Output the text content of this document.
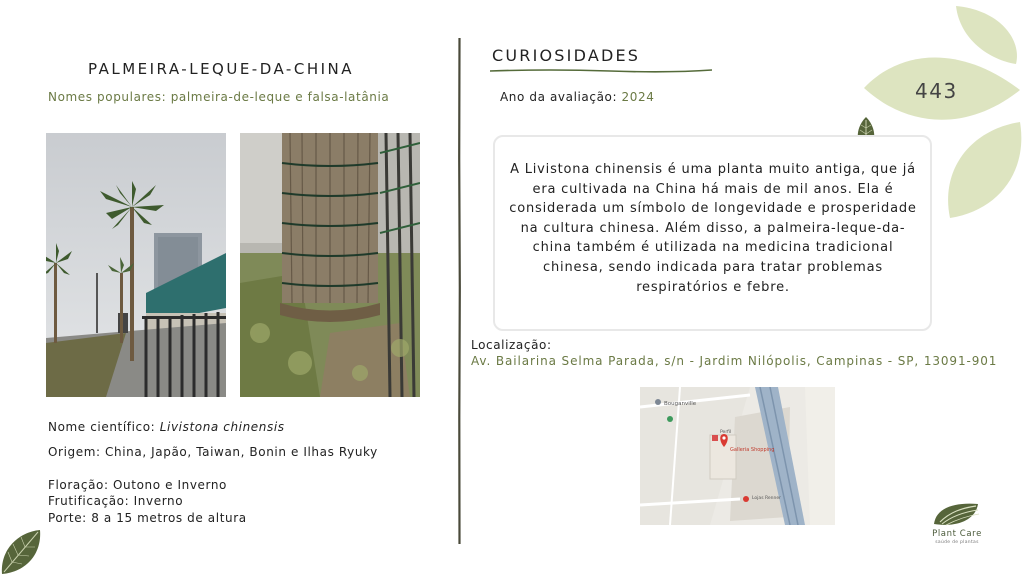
443
PALMEIRA-LEQUE-DA-CHINA
Nomes populares: palmeira-de-leque e falsa-latânia
Nome científico: Livistona chinensis
Origem: China, Japão, Taiwan, Bonin e Ilhas Ryuky
Floração: Outono e Inverno
Frutificação: Inverno
Porte: 8 a 15 metros de altura
CURIOSIDADES
Ano da avaliação: 2024
A Livistona chinensis é uma planta muito antiga, que já era cultivada na China há mais de mil anos. Ela é considerada um símbolo de longevidade e prosperidade na cultura chinesa. Além disso, a palmeira-leque-da-china também é utilizada na medicina tradicional chinesa, sendo indicada para tratar problemas respiratórios e febre.
Localização:
Av. Bailarina Selma Parada, s/n - Jardim Nilópolis, Campinas - SP, 13091-901
Bouganville
Galleria Shopping
Perfil
Lojas Renner
Plant Care
saúde de plantas
